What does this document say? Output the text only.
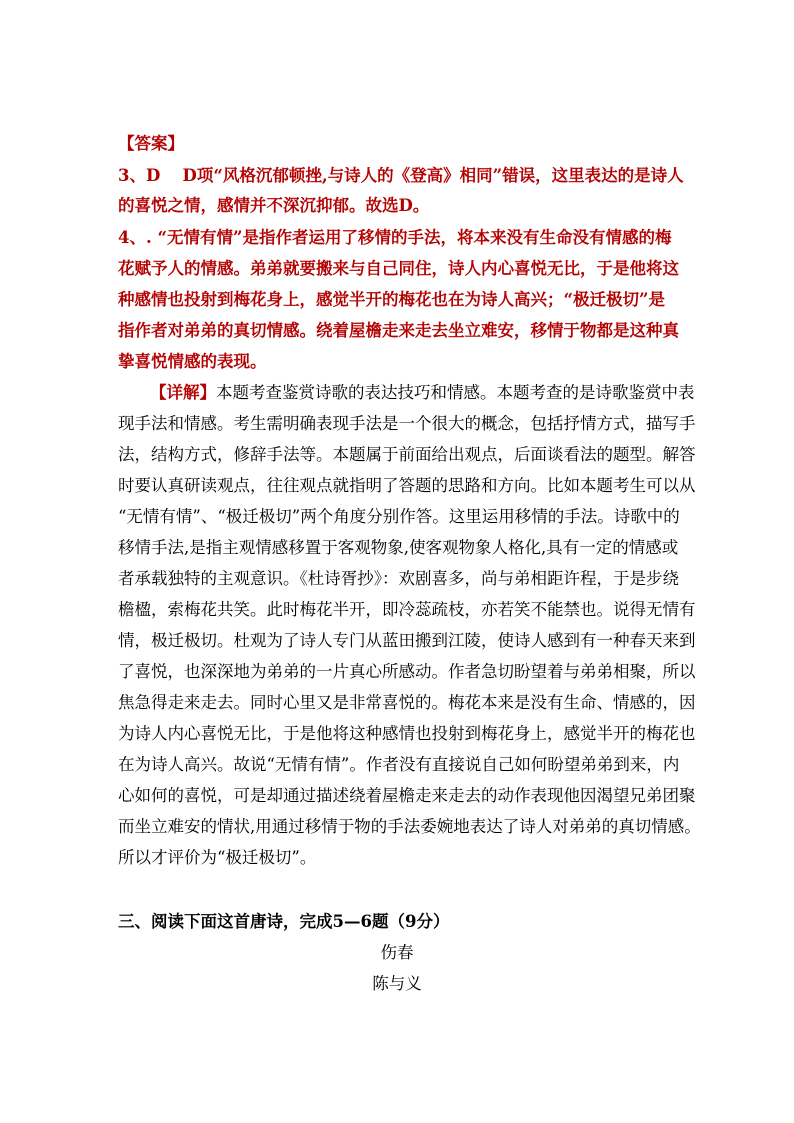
【答案】
3、D　 D项“风格沉郁顿挫,与诗人的《登高》相同”错误，这里表达的是诗人
的喜悦之情，感情并不深沉抑郁。故选D。
4、. “无情有情”是指作者运用了移情的手法，将本来没有生命没有情感的梅
花赋予人的情感。弟弟就要搬来与自己同住，诗人内心喜悦无比，于是他将这
种感情也投射到梅花身上，感觉半开的梅花也在为诗人高兴；“极迁极切”是
指作者对弟弟的真切情感。绕着屋檐走来走去坐立难安，移情于物都是这种真
挚喜悦情感的表现。
【详解】本题考查鉴赏诗歌的表达技巧和情感。本题考查的是诗歌鉴赏中表
现手法和情感。考生需明确表现手法是一个很大的概念，包括抒情方式，描写手
法，结构方式，修辞手法等。本题属于前面给出观点，后面谈看法的题型。解答
时要认真研读观点，往往观点就指明了答题的思路和方向。比如本题考生可以从
“无情有情”、“极迁极切”两个角度分别作答。这里运用移情的手法。诗歌中的
移情手法,是指主观情感移置于客观物象,使客观物象人格化,具有一定的情感或
者承载独特的主观意识。《杜诗胥抄》：欢剧喜多，尚与弟相距许程，于是步绕
檐楹，索梅花共笑。此时梅花半开，即冷蕊疏枝，亦若笑不能禁也。说得无情有
情，极迁极切。杜观为了诗人专门从蓝田搬到江陵，使诗人感到有一种春天来到
了喜悦，也深深地为弟弟的一片真心所感动。作者急切盼望着与弟弟相聚，所以
焦急得走来走去。同时心里又是非常喜悦的。梅花本来是没有生命、情感的，因
为诗人内心喜悦无比，于是他将这种感情也投射到梅花身上，感觉半开的梅花也
在为诗人高兴。故说“无情有情”。作者没有直接说自己如何盼望弟弟到来，内
心如何的喜悦，可是却通过描述绕着屋檐走来走去的动作表现他因渴望兄弟团聚
而坐立难安的情状,用通过移情于物的手法委婉地表达了诗人对弟弟的真切情感。
所以才评价为“极迁极切”。
三、阅读下面这首唐诗，完成5—6题（9分）
伤春
陈与义
